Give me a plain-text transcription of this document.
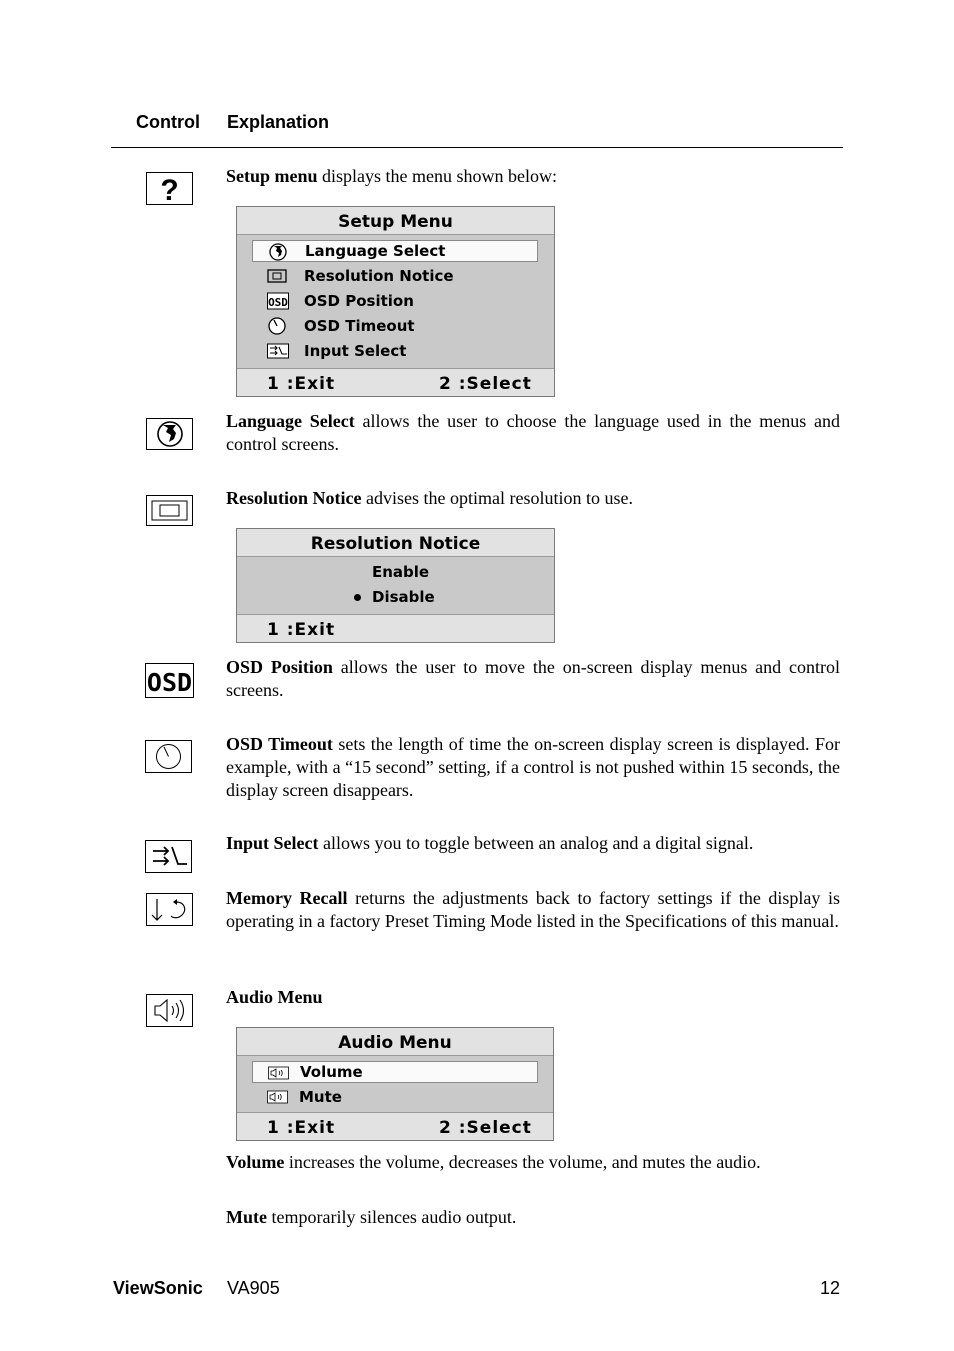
Control Explanation
?	Setup menu displays the menu shown below:
Setup Menu
Language Select
Resolution Notice
OSD OSD Position
OSD Timeout
Input Select
1 :Exit	2 :Select
Language Select allows the user to choose the language used in the menus and control screens.
Resolution Notice advises the optimal resolution to use.
Resolution Notice
Enable
Disable
1 :Exit
OSD
OSD Position allows the user to move the on-screen display menus and control screens.
OSD Timeout sets the length of time the on-screen display screen is displayed. For example, with a “15 second” setting, if a control is not pushed within 15 seconds, the display screen disappears.
Input Select allows you to toggle between an analog and a digital signal.
Memory Recall returns the adjustments back to factory settings if the display is operating in a factory Preset Timing Mode listed in the Specifications of this manual.
Audio Menu
Audio Menu
Volume
Mute
1 :Exit	2 :Select
Volume increases the volume, decreases the volume, and mutes the audio.
Mute temporarily silences audio output.
ViewSonic VA905	12
